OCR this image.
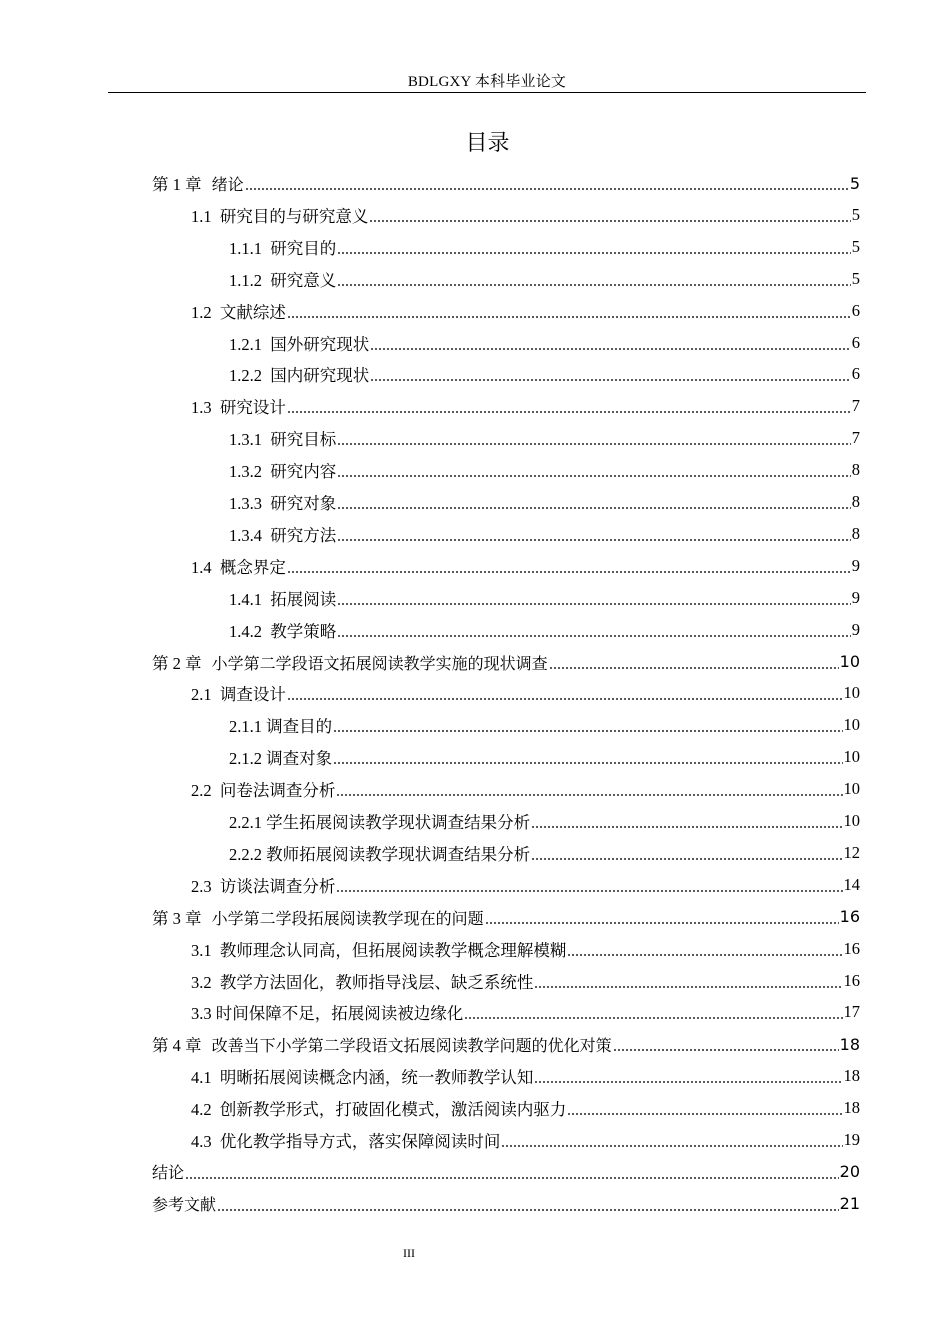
BDLGXY 本科毕业论文
目录
第 1 章 绪论	5
1.1 研究目的与研究意义	5
1.1.1 研究目的	5
1.1.2 研究意义	5
1.2 文献综述	6
1.2.1 国外研究现状	6
1.2.2 国内研究现状	6
1.3 研究设计	7
1.3.1 研究目标	7
1.3.2 研究内容	8
1.3.3 研究对象	8
1.3.4 研究方法	8
1.4 概念界定	9
1.4.1 拓展阅读	9
1.4.2 教学策略	9
第 2 章 小学第二学段语文拓展阅读教学实施的现状调查	10
2.1 调查设计	10
2.1.1 调查目的	10
2.1.2 调查对象	10
2.2 问卷法调查分析	10
2.2.1 学生拓展阅读教学现状调查结果分析	10
2.2.2 教师拓展阅读教学现状调查结果分析	12
2.3 访谈法调查分析	14
第 3 章 小学第二学段拓展阅读教学现在的问题	16
3.1 教师理念认同高，但拓展阅读教学概念理解模糊	16
3.2 教学方法固化，教师指导浅层、缺乏系统性	16
3.3 时间保障不足，拓展阅读被边缘化	17
第 4 章 改善当下小学第二学段语文拓展阅读教学问题的优化对策	18
4.1 明晰拓展阅读概念内涵，统一教师教学认知	18
4.2 创新教学形式，打破固化模式，激活阅读内驱力	18
4.3 优化教学指导方式，落实保障阅读时间	19
结论	20
参考文献	21
III
